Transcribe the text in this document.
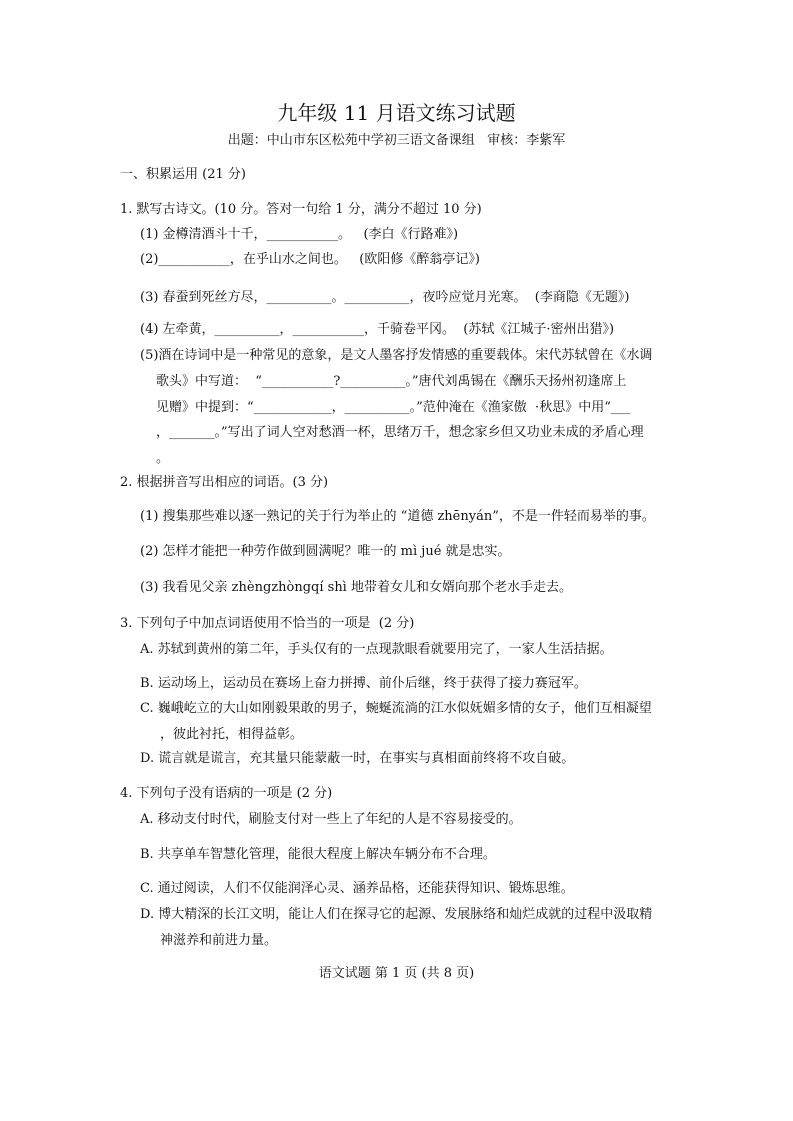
九年级 11 月语文练习试题
出题：中山市东区松苑中学初三语文备课组   审核：李紫军
一、积累运用 (21 分)
1. 默写古诗文。(10 分。答对一句给 1 分，满分不超过 10 分)
(1) 金樽清酒斗十千，___________。   (李白《行路难》)
(2)___________，在乎山水之间也。   (欧阳修《醉翁亭记》)
(3) 春蚕到死丝方尽，__________。__________，夜吟应觉月光寒。  (李商隐《无题》)
(4) 左牵黄，__________，___________，千骑卷平冈。  (苏轼《江城子·密州出猎》)
(5)酒在诗词中是一种常见的意象，是文人墨客抒发情感的重要载体。宋代苏轼曾在《水调
歌头》中写道：  “___________?__________。”唐代刘禹锡在《酬乐天扬州初逢席上
见赠》中提到：“____________，__________。”范仲淹在《渔家傲  ·秋思》中用“___
，_______。”写出了词人空对愁酒一杯，思绪万千，想念家乡但又功业未成的矛盾心理
。
2. 根据拼音写出相应的词语。(3 分)
(1) 搜集那些难以逐一熟记的关于行为举止的 “道德 zhēnyán”，不是一件轻而易举的事。
(2) 怎样才能把一种劳作做到圆满呢？唯一的 mì jué 就是忠实。
(3) 我看见父亲 zhèngzhòngqí shì 地带着女儿和女婿向那个老水手走去。
3. 下列句子中加点词语使用不恰当的一项是  (2 分)
A. 苏轼到黄州的第二年，手头仅有的一点现款眼看就要用完了，一家人生活拮据。
B. 运动场上，运动员在赛场上奋力拼搏、前仆后继，终于获得了接力赛冠军。
C. 巍峨屹立的大山如刚毅果敢的男子，蜿蜒流淌的江水似妩媚多情的女子，他们互相凝望
，彼此衬托，相得益彰。
D. 谎言就是谎言，充其量只能蒙蔽一时，在事实与真相面前终将不攻自破。
4. 下列句子没有语病的一项是 (2 分)
A. 移动支付时代，刷脸支付对一些上了年纪的人是不容易接受的。
B. 共享单车智慧化管理，能很大程度上解决车辆分布不合理。
C. 通过阅读，人们不仅能润泽心灵、涵养品格，还能获得知识、锻炼思维。
D. 博大精深的长江文明，能让人们在探寻它的起源、发展脉络和灿烂成就的过程中汲取精
神滋养和前进力量。
语文试题 第 1 页 (共 8 页)
